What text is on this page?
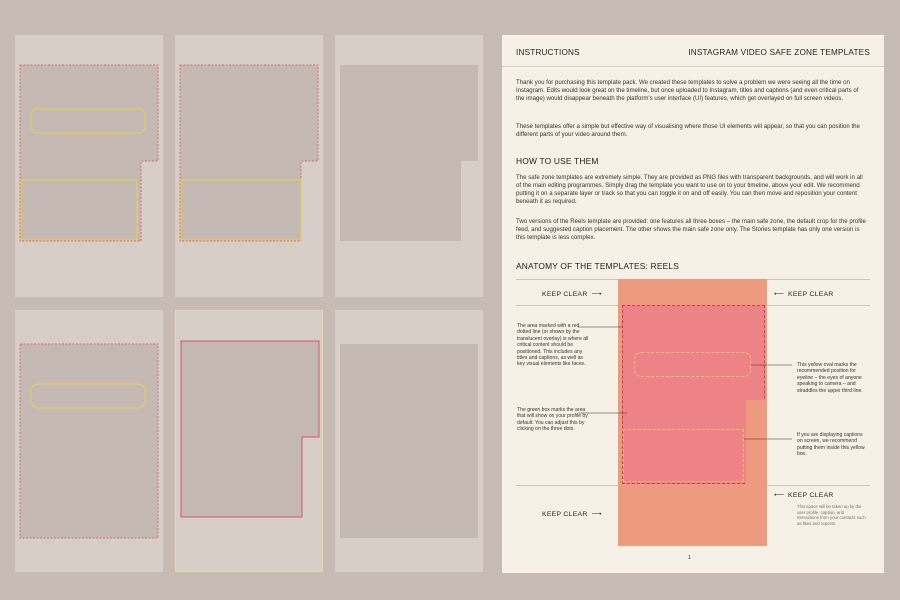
INSTRUCTIONS	INSTAGRAM VIDEO SAFE ZONE TEMPLATES

Thank you for purchasing this template pack. We created these templates to solve a problem we were seeing all the time on Instagram. Edits would look great on the timeline, but once uploaded to Instagram, titles and captions (and even critical parts of the image) would disappear beneath the platform's user interface (UI) features, which get overlayed on full screen videos.

These templates offer a simple but effective way of visualising where those UI elements will appear, so that you can position the different parts of your video around them.

HOW TO USE THEM

The safe zone templates are extremely simple. They are provided as PNG files with transparent backgrounds, and will work in all of the main editing programmes. Simply drag the template you want to use on to your timeline, above your edit. We recommend putting it on a separate layer or track so that you can toggle it on and off easily. You can then move and reposition your content beneath it as required.

Two versions of the Reels template are provided: one features all three boxes – the main safe zone, the default crop for the profile feed, and suggested caption placement. The other shows the main safe zone only. The Stories template has only one version is this template is less complex.

ANATOMY OF THE TEMPLATES: REELS
KEEP CLEAR ⟶	⟵ KEEP CLEAR
⟵ KEEP CLEAR
KEEP CLEAR ⟶

The area marked with a red dotted line (or shown by the translucent overlay) is where all critical content should be positioned. This includes any titles and captions, as well as key visual elements like faces.

The green box marks the area that will show on your profile by default. You can adjust this by clicking on the three dots.

This yellow oval marks the recommended position for eyeline – the eyes of anyone speaking to camera – and straddles the upper third line.

If you are displaying captions on screen, we recommend putting them inside this yellow box.

This space will be taken up by the user profile, caption, and interactions from your contacts such as likes and reposts.

1
